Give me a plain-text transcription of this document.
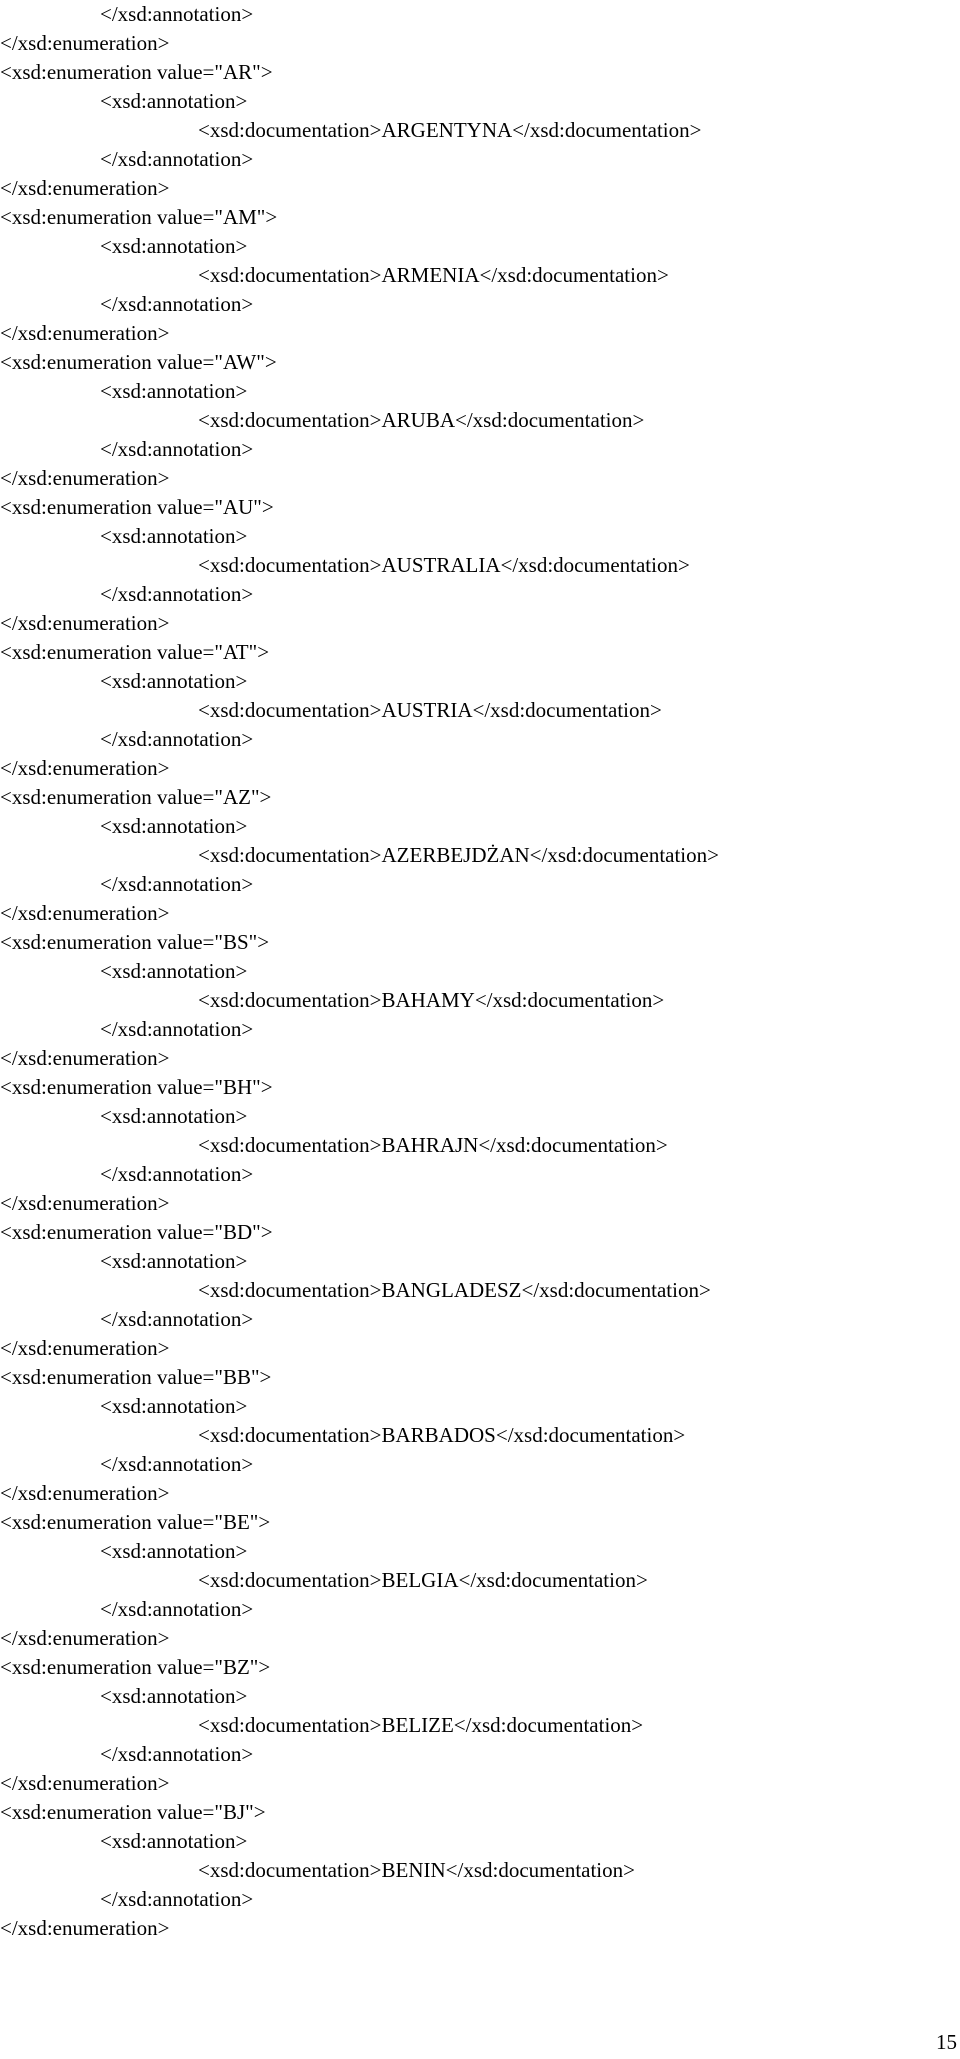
</xsd:annotation>
</xsd:enumeration>
<xsd:enumeration value="AR">
<xsd:annotation>
<xsd:documentation>ARGENTYNA</xsd:documentation>
</xsd:annotation>
</xsd:enumeration>
<xsd:enumeration value="AM">
<xsd:annotation>
<xsd:documentation>ARMENIA</xsd:documentation>
</xsd:annotation>
</xsd:enumeration>
<xsd:enumeration value="AW">
<xsd:annotation>
<xsd:documentation>ARUBA</xsd:documentation>
</xsd:annotation>
</xsd:enumeration>
<xsd:enumeration value="AU">
<xsd:annotation>
<xsd:documentation>AUSTRALIA</xsd:documentation>
</xsd:annotation>
</xsd:enumeration>
<xsd:enumeration value="AT">
<xsd:annotation>
<xsd:documentation>AUSTRIA</xsd:documentation>
</xsd:annotation>
</xsd:enumeration>
<xsd:enumeration value="AZ">
<xsd:annotation>
<xsd:documentation>AZERBEJDŻAN</xsd:documentation>
</xsd:annotation>
</xsd:enumeration>
<xsd:enumeration value="BS">
<xsd:annotation>
<xsd:documentation>BAHAMY</xsd:documentation>
</xsd:annotation>
</xsd:enumeration>
<xsd:enumeration value="BH">
<xsd:annotation>
<xsd:documentation>BAHRAJN</xsd:documentation>
</xsd:annotation>
</xsd:enumeration>
<xsd:enumeration value="BD">
<xsd:annotation>
<xsd:documentation>BANGLADESZ</xsd:documentation>
</xsd:annotation>
</xsd:enumeration>
<xsd:enumeration value="BB">
<xsd:annotation>
<xsd:documentation>BARBADOS</xsd:documentation>
</xsd:annotation>
</xsd:enumeration>
<xsd:enumeration value="BE">
<xsd:annotation>
<xsd:documentation>BELGIA</xsd:documentation>
</xsd:annotation>
</xsd:enumeration>
<xsd:enumeration value="BZ">
<xsd:annotation>
<xsd:documentation>BELIZE</xsd:documentation>
</xsd:annotation>
</xsd:enumeration>
<xsd:enumeration value="BJ">
<xsd:annotation>
<xsd:documentation>BENIN</xsd:documentation>
</xsd:annotation>
</xsd:enumeration>
15
